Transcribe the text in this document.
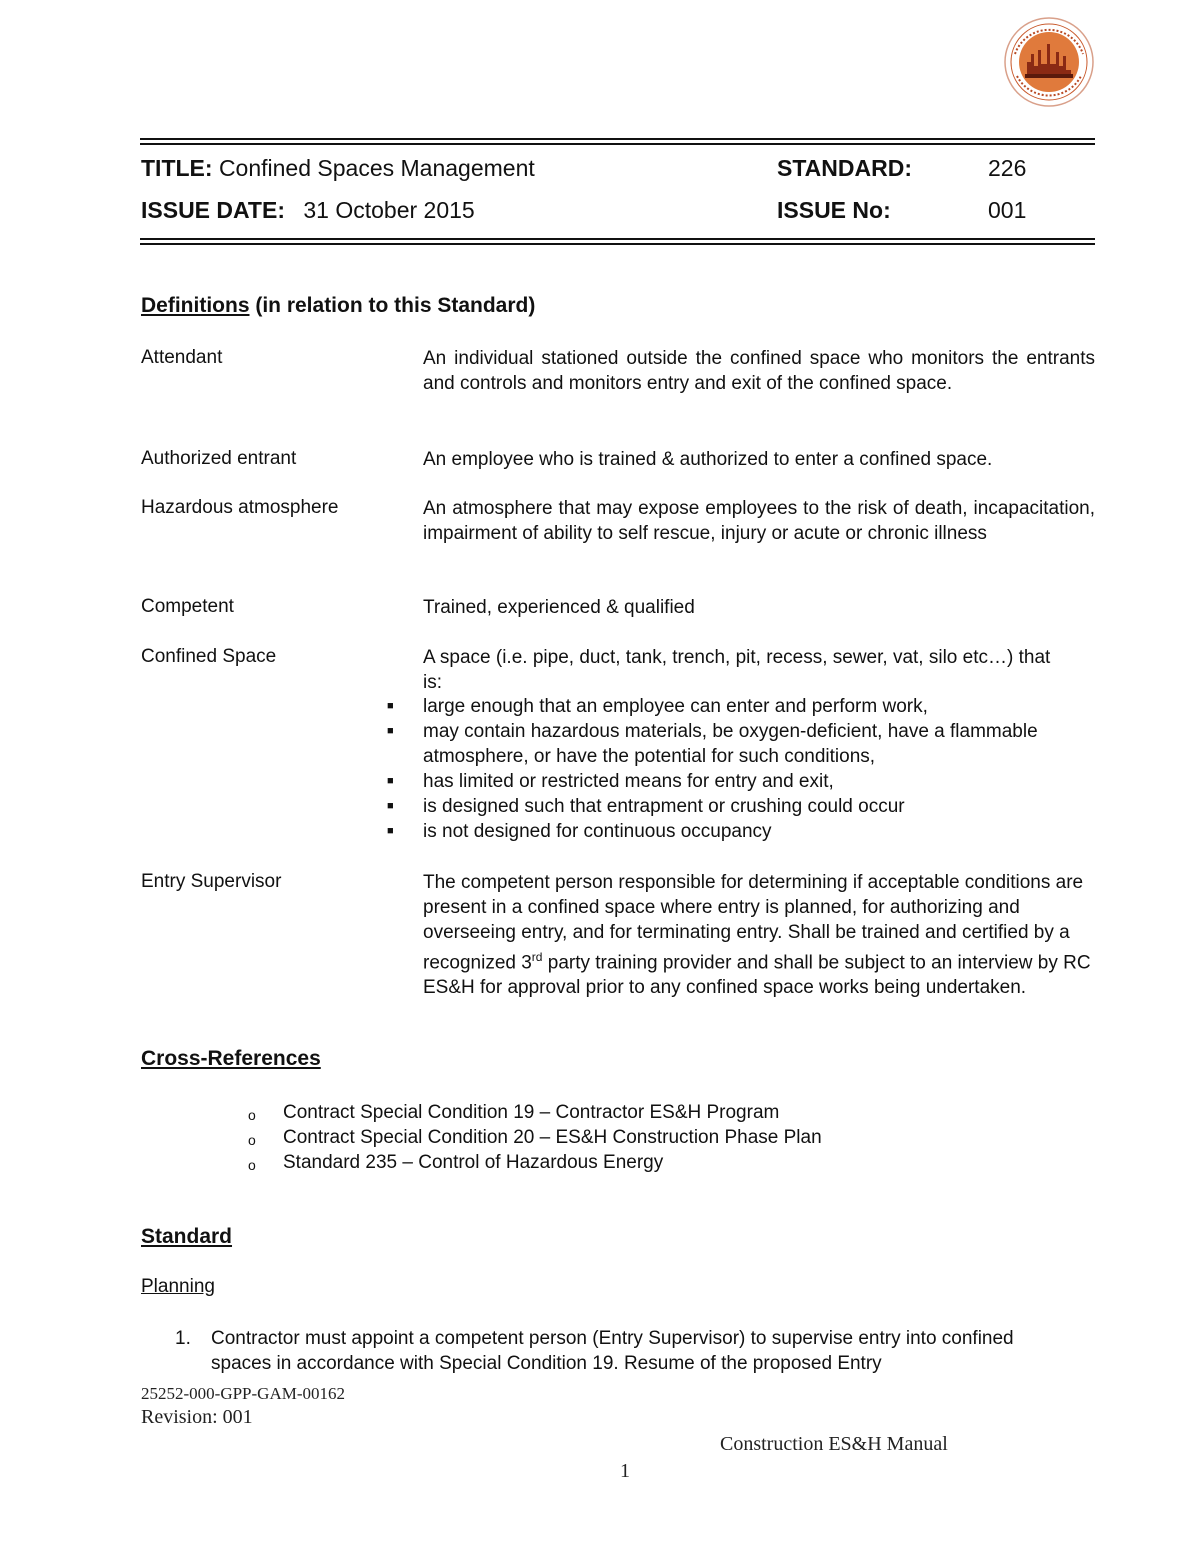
TITLE: Confined Spaces Management	STANDARD:	226
ISSUE DATE: 31 October 2015	ISSUE No:	001
Definitions (in relation to this Standard)
Attendant	An individual stationed outside the confined space who monitors the entrants and controls and monitors entry and exit of the confined space.
Authorized entrant	An employee who is trained & authorized to enter a confined space.
Hazardous atmosphere	An atmosphere that may expose employees to the risk of death, incapacitation, impairment of ability to self rescue, injury or acute or chronic illness
Competent	Trained, experienced & qualified
Confined Space	A space (i.e. pipe, duct, tank, trench, pit, recess, sewer, vat, silo etc…) that is:
■ large enough that an employee can enter and perform work,
■ may contain hazardous materials, be oxygen-deficient, have a flammable atmosphere, or have the potential for such conditions,
■ has limited or restricted means for entry and exit,
■ is designed such that entrapment or crushing could occur
■ is not designed for continuous occupancy
Entry Supervisor	The competent person responsible for determining if acceptable conditions are present in a confined space where entry is planned, for authorizing and overseeing entry, and for terminating entry. Shall be trained and certified by a recognized 3rd party training provider and shall be subject to an interview by RC ES&H for approval prior to any confined space works being undertaken.
Cross-References
o Contract Special Condition 19 – Contractor ES&H Program
o Contract Special Condition 20 – ES&H Construction Phase Plan
o Standard 235 – Control of Hazardous Energy
Standard
Planning
1.	Contractor must appoint a competent person (Entry Supervisor) to supervise entry into confined spaces in accordance with Special Condition 19. Resume of the proposed Entry
25252-000-GPP-GAM-00162
Revision: 001
Construction ES&H Manual
1
